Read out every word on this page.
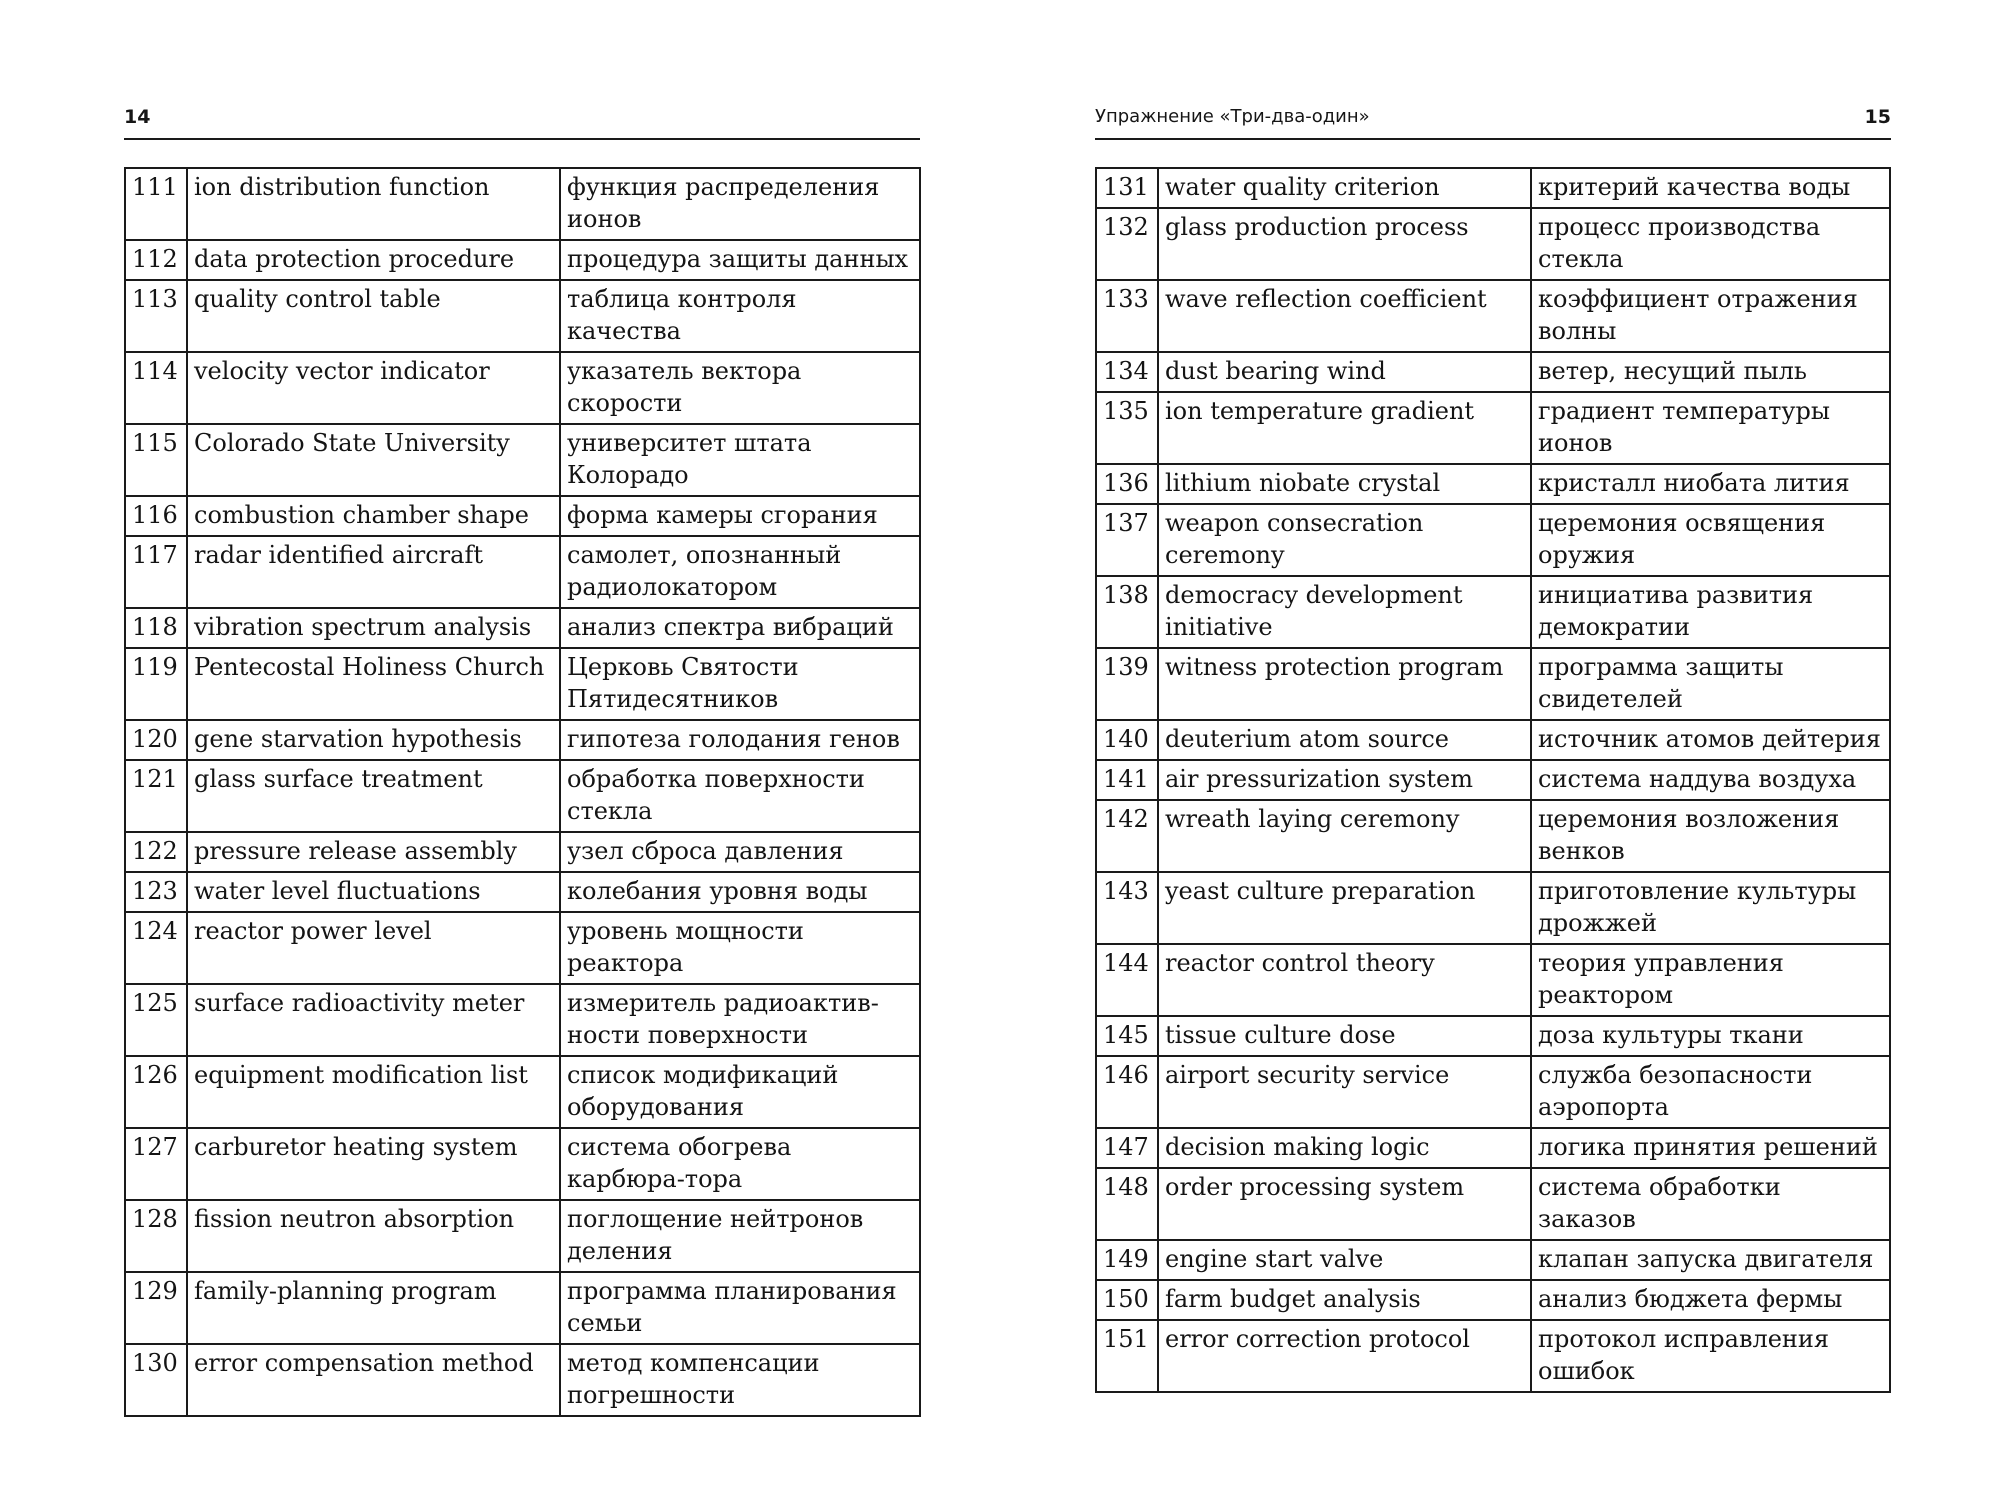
14	Упражнение «Три-два-один»	15
111	ion distribution function	функция распределения ионов
112	data protection procedure	процедура защиты данных
113	quality control table	таблица контроля качества
114	velocity vector indicator	указатель вектора скорости
115	Colorado State University	университет штата Колорадо
116	combustion chamber shape	форма камеры сгорания
117	radar identified aircraft	самолет, опознанный радиолокатором
118	vibration spectrum analysis	анализ спектра вибраций
119	Pentecostal Holiness Church	Церковь Святости Пятидесятников
120	gene starvation hypothesis	гипотеза голодания генов
121	glass surface treatment	обработка поверхности стекла
122	pressure release assembly	узел сброса давления
123	water level fluctuations	колебания уровня воды
124	reactor power level	уровень мощности реактора
125	surface radioactivity meter	измеритель радиоактив-ности поверхности
126	equipment modification list	список модификаций оборудования
127	carburetor heating system	система обогрева карбюра-тора
128	fission neutron absorption	поглощение нейтронов деления
129	family-planning program	программа планирования семьи
130	error compensation method	метод компенсации погрешности
131	water quality criterion	критерий качества воды
132	glass production process	процесс производства стекла
133	wave reflection coefficient	коэффициент отражения волны
134	dust bearing wind	ветер, несущий пыль
135	ion temperature gradient	градиент температуры ионов
136	lithium niobate crystal	кристалл ниобата лития
137	weapon consecration ceremony	церемония освящения оружия
138	democracy development initiative	инициатива развития демократии
139	witness protection program	программа защиты свидетелей
140	deuterium atom source	источник атомов дейтерия
141	air pressurization system	система наддува воздуха
142	wreath laying ceremony	церемония возложения венков
143	yeast culture preparation	приготовление культуры дрожжей
144	reactor control theory	теория управления реактором
145	tissue culture dose	доза культуры ткани
146	airport security service	служба безопасности аэропорта
147	decision making logic	логика принятия решений
148	order processing system	система обработки заказов
149	engine start valve	клапан запуска двигателя
150	farm budget analysis	анализ бюджета фермы
151	error correction protocol	протокол исправления ошибок
